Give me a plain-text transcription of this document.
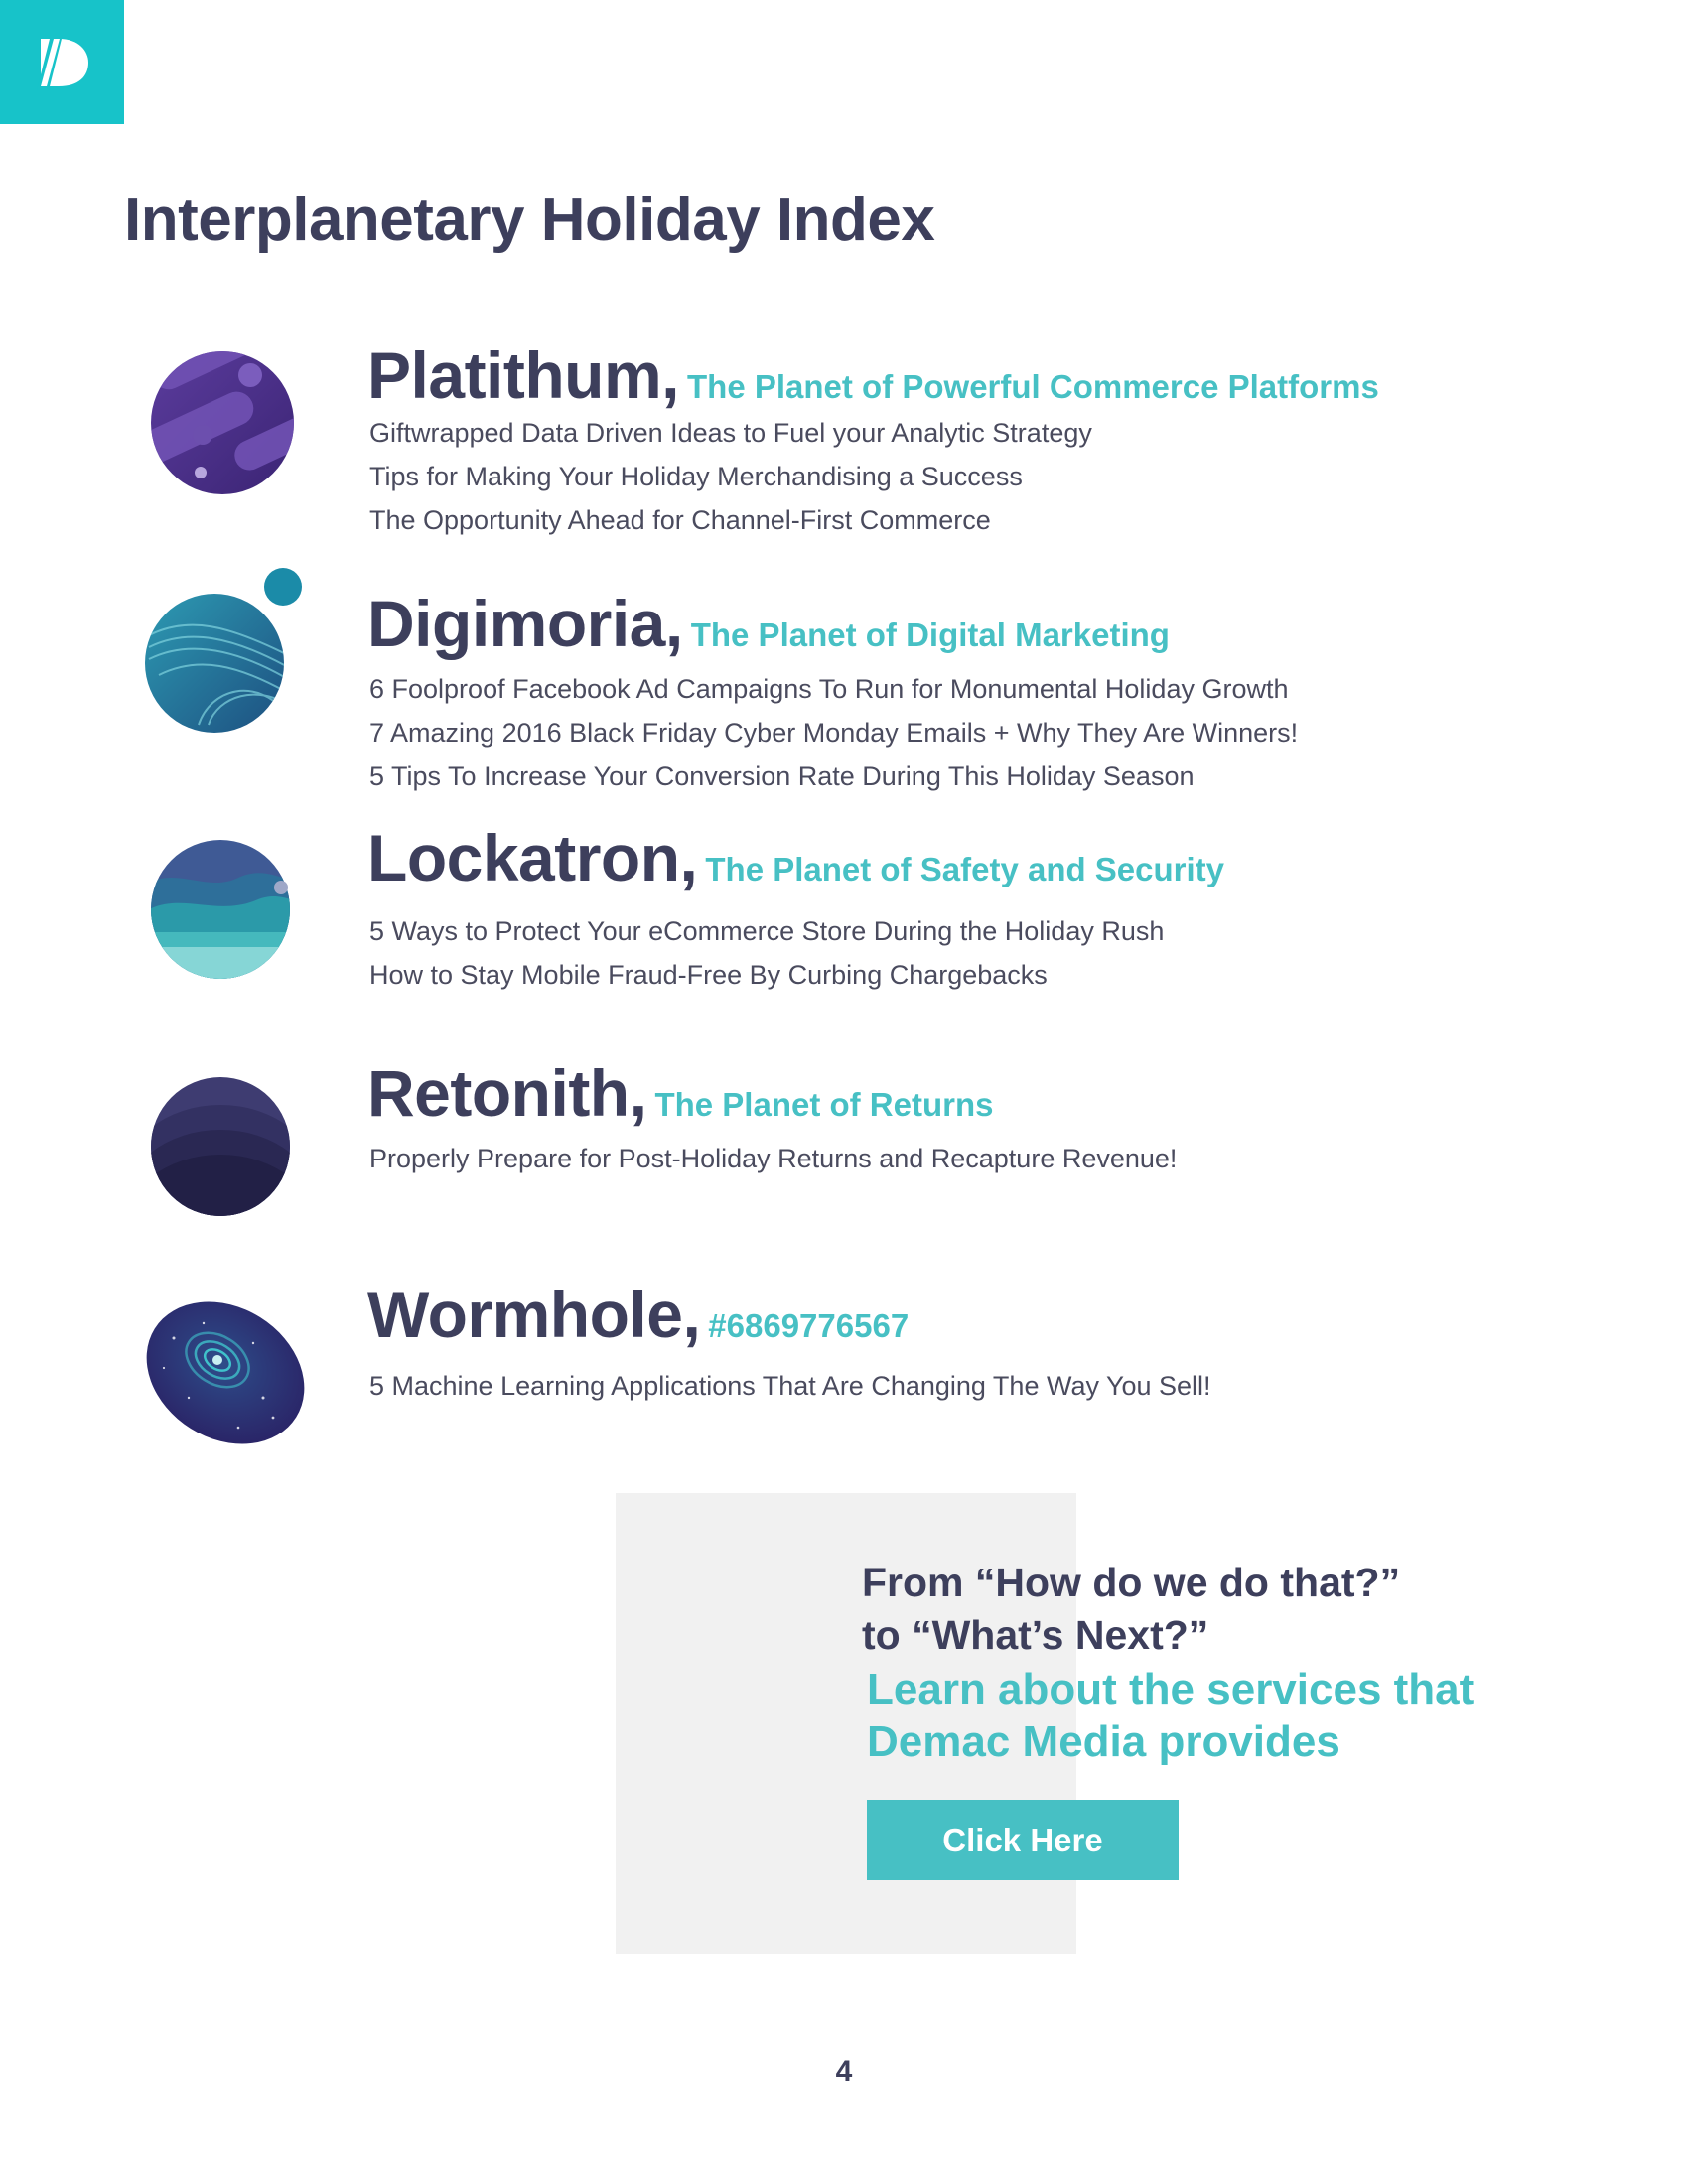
Interplanetary Holiday Index
Platithum, The Planet of Powerful Commerce Platforms
Giftwrapped Data Driven Ideas to Fuel your Analytic Strategy
Tips for Making Your Holiday Merchandising a Success
The Opportunity Ahead for Channel-First Commerce
Digimoria, The Planet of Digital Marketing
6 Foolproof Facebook Ad Campaigns To Run for Monumental Holiday Growth
7 Amazing 2016 Black Friday Cyber Monday Emails + Why They Are Winners!
5 Tips To Increase Your Conversion Rate During This Holiday Season
Lockatron, The Planet of Safety and Security
5 Ways to Protect Your eCommerce Store During the Holiday Rush
How to Stay Mobile Fraud-Free By Curbing Chargebacks
Retonith, The Planet of Returns
Properly Prepare for Post-Holiday Returns and Recapture Revenue!
Wormhole, #6869776567
5 Machine Learning Applications That Are Changing The Way You Sell!
From “How do we do that?”
to “What’s Next?”
Learn about the services that
Demac Media provides
Click Here
4
